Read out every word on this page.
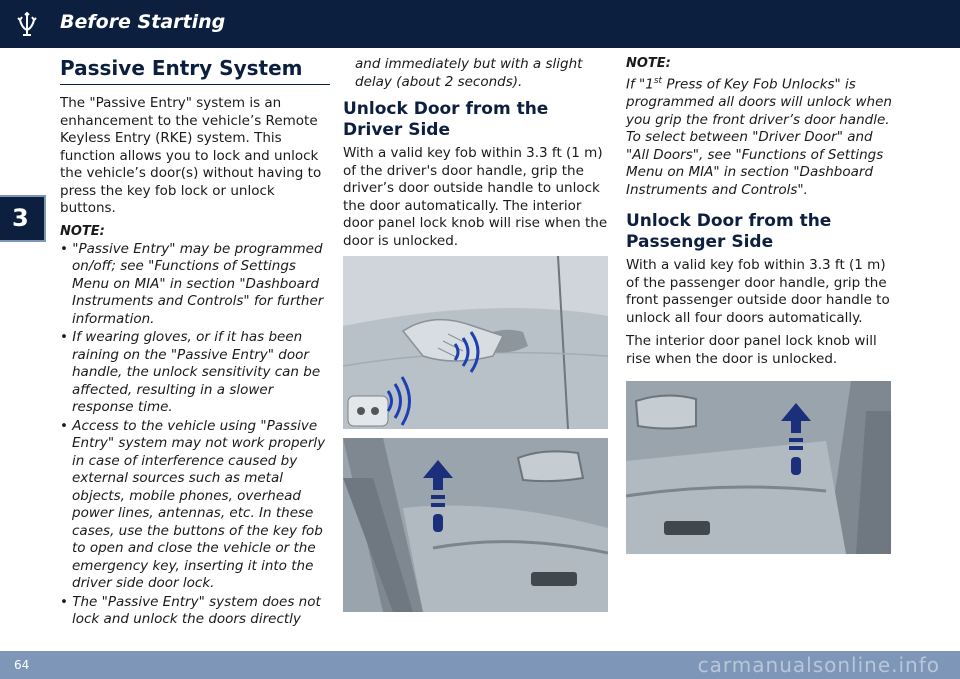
Before Starting
3
Passive Entry System

The "Passive Entry" system is an enhancement to the vehicle’s Remote Keyless Entry (RKE) system. This function allows you to lock and unlock the vehicle’s door(s) without having to press the key fob lock or unlock buttons.

NOTE:
• "Passive Entry" may be programmed on/off; see "Functions of Settings Menu on MIA" in section "Dashboard Instruments and Controls" for further information.
• If wearing gloves, or if it has been raining on the "Passive Entry" door handle, the unlock sensitivity can be affected, resulting in a slower response time.
• Access to the vehicle using "Passive Entry" system may not work properly in case of interference caused by external sources such as metal objects, mobile phones, overhead power lines, antennas, etc. In these cases, use the buttons of the key fob to open and close the vehicle or the emergency key, inserting it into the driver side door lock.
• The "Passive Entry" system does not lock and unlock the doors directly
and immediately but with a slight delay (about 2 seconds).
Unlock Door from the Driver Side

With a valid key fob within 3.3 ft (1 m) of the driver's door handle, grip the driver’s door outside handle to unlock the door automatically. The interior door panel lock knob will rise when the door is unlocked.

NOTE:
If "1st Press of Key Fob Unlocks" is programmed all doors will unlock when you grip the front driver’s door handle. To select between "Driver Door" and "All Doors", see "Functions of Settings Menu on MIA" in section "Dashboard Instruments and Controls".
Unlock Door from the Passenger Side

With a valid key fob within 3.3 ft (1 m) of the passenger door handle, grip the front passenger outside door handle to unlock all four doors automatically.

The interior door panel lock knob will rise when the door is unlocked.

64	carmanualsonline.info
